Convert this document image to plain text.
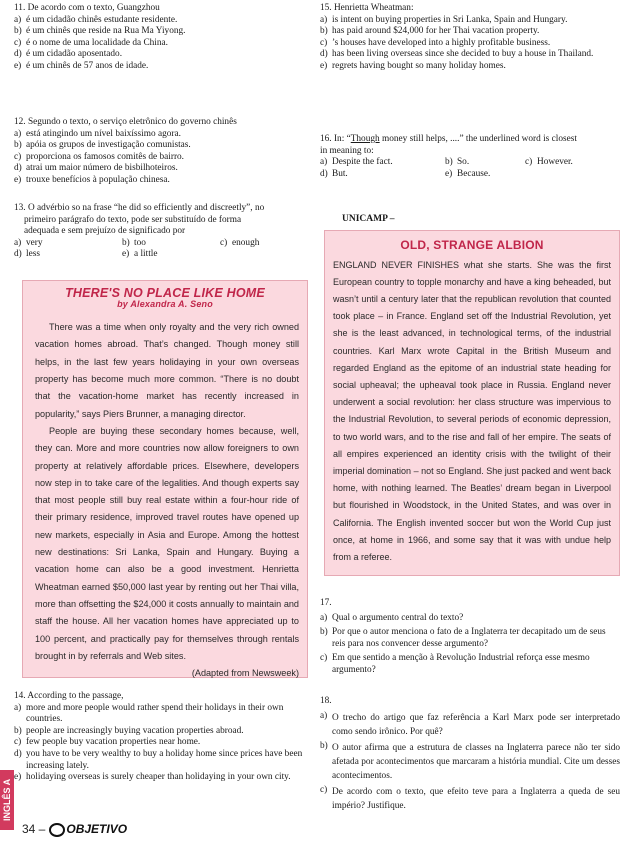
11. De acordo com o texto, Guangzhou
a) é um cidadão chinês estudante residente.
b) é um chinês que reside na Rua Ma Yiyong.
c) é o nome de uma localidade da China.
d) é um cidadão aposentado.
e) é um chinês de 57 anos de idade.
12. Segundo o texto, o serviço eletrônico do governo chinês
a) está atingindo um nível baixíssimo agora.
b) apóia os grupos de investigação comunistas.
c) proporciona os famosos comitês de bairro.
d) atrai um maior número de bisbilhoteiros.
e) trouxe benefícios à população chinesa.
13. O advérbio so na frase “he did so efficiently and discreetly”, no
primeiro parágrafo do texto, pode ser substituído de forma
adequada e sem prejuízo de significado por
a) very	b) too	c) enough
d) less	e) a little
THERE'S NO PLACE LIKE HOME
by Alexandra A. Seno

There was a time when only royalty and the very rich owned vacation homes abroad. That’s changed. Though money still helps, in the last few years holidaying in your own overseas property has become much more common. “There is no doubt that the vacation-home market has recently increased in popularity,” says Piers Brunner, a managing director.

People are buying these secondary homes because, well, they can. More and more countries now allow foreigners to own property at relatively affordable prices. Elsewhere, developers now step in to take care of the legalities. And though experts say that most people still buy real estate within a four-hour ride of their primary residence, improved travel routes have opened up new markets, especially in Asia and Europe. Among the hottest new destinations: Sri Lanka, Spain and Hungary. Buying a vacation home can also be a good investment. Henrietta Wheatman earned $50,000 last year by renting out her Thai villa, more than offsetting the $24,000 it costs annually to maintain and staff the house. All her vacation homes have appreciated up to 100 percent, and practically pay for themselves through rentals brought in by referrals and Web sites.

(Adapted from Newsweek)

14. According to the passage,
a) more and more people would rather spend their holidays in their own countries.
b) people are increasingly buying vacation properties abroad.
c) few people buy vacation properties near home.
d) you have to be very wealthy to buy a holiday home since prices have been increasing lately.
e) holidaying overseas is surely cheaper than holidaying in your own city.
15. Henrietta Wheatman:
a) is intent on buying properties in Sri Lanka, Spain and Hungary.
b) has paid around $24,000 for her Thai vacation property.
c) ’s houses have developed into a highly profitable business.
d) has been living overseas since she decided to buy a house in Thailand.
e) regrets having bought so many holiday homes.
16. In: “Though money still helps, ....” the underlined word is closest
in meaning to:
a) Despite the fact.	b) So.	c) However.
d) But.	e) Because.
UNICAMP –
OLD, STRANGE ALBION
ENGLAND NEVER FINISHES what she starts. She was the first European country to topple monarchy and have a king beheaded, but wasn’t until a century later that the republican revolution that counted took place – in France. England set off the Industrial Revolution, yet she is the least advanced, in technological terms, of the industrial countries. Karl Marx wrote Capital in the British Museum and regarded England as the epitome of an industrial state heading for social upheaval; the upheaval took place in Russia. England never underwent a social revolution: her class structure was impervious to the Industrial Revolution, to several periods of economic depression, to two world wars, and to the rise and fall of her empire. The seats of all empires experienced an identity crisis with the twilight of their imperial domination – not so England. She just packed and went back home, with nothing learned. The Beatles’ dream began in Liverpool but flourished in Woodstock, in the United States, and was over in California. The English invented soccer but won the World Cup just once, at home in 1966, and some say that it was with undue help from a referee.
17.
a) Qual o argumento central do texto?
b) Por que o autor menciona o fato de a Inglaterra ter decapitado um de seus reis para nos convencer desse argumento?
c) Em que sentido a menção à Revolução Industrial reforça esse mesmo argumento?
18.
a) O trecho do artigo que faz referência a Karl Marx pode ser interpretado como sendo irônico. Por quê?
b) O autor afirma que a estrutura de classes na Inglaterra parece não ter sido afetada por acontecimentos que marcaram a história mundial. Cite um desses acontecimentos.
c) De acordo com o texto, que efeito teve para a Inglaterra a queda de seu império? Justifique.
INGLÊS A
34 –	OBJETIVO
